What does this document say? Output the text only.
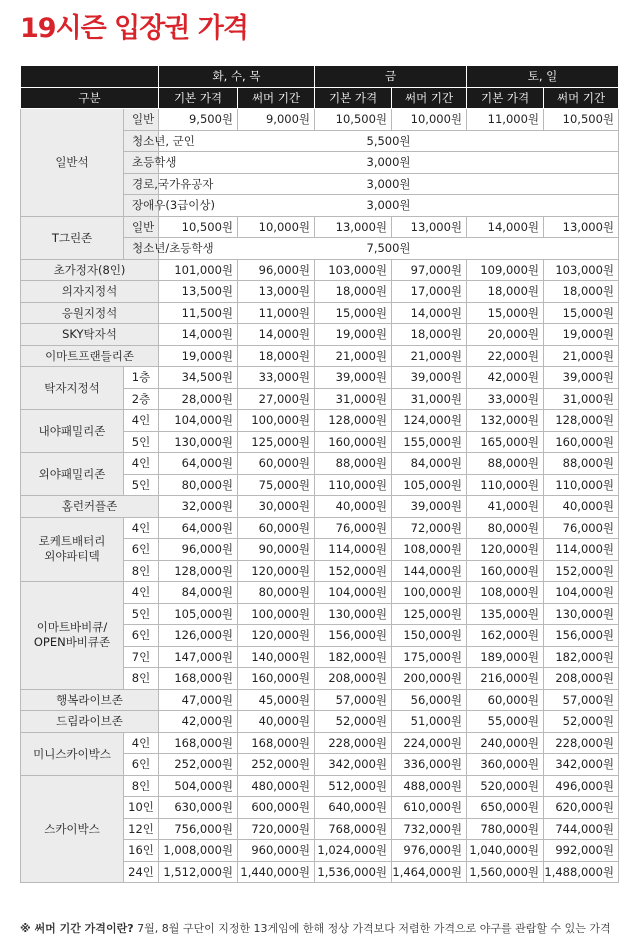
19시즌 입장권 가격
		화, 수, 목		금		토, 일	
구분		기본 가격	써머 기간	기본 가격	써머 기간	기본 가격	써머 기간
일반석	일반	9,500원	9,000원	10,500원	10,000원	11,000원	10,500원
	청소년, 군인	5,500원					
	초등학생	3,000원					
	경로,국가유공자	3,000원					
	장애우(3급이상)	3,000원					
T그린존	일반	10,500원	10,000원	13,000원	13,000원	14,000원	13,000원
	청소년/초등학생	7,500원					
초가정자(8인)		101,000원	96,000원	103,000원	97,000원	109,000원	103,000원
의자지정석		13,500원	13,000원	18,000원	17,000원	18,000원	18,000원
응원지정석		11,500원	11,000원	15,000원	14,000원	15,000원	15,000원
SKY탁자석		14,000원	14,000원	19,000원	18,000원	20,000원	19,000원
이마트프랜들리존		19,000원	18,000원	21,000원	21,000원	22,000원	21,000원
탁자지정석	1층	34,500원	33,000원	39,000원	39,000원	42,000원	39,000원
	2층	28,000원	27,000원	31,000원	31,000원	33,000원	31,000원
내야패밀리존	4인	104,000원	100,000원	128,000원	124,000원	132,000원	128,000원
	5인	130,000원	125,000원	160,000원	155,000원	165,000원	160,000원
외야패밀리존	4인	64,000원	60,000원	88,000원	84,000원	88,000원	88,000원
	5인	80,000원	75,000원	110,000원	105,000원	110,000원	110,000원
홈런커플존		32,000원	30,000원	40,000원	39,000원	41,000원	40,000원

로케트배터리
외야파티덱	4인	64,000원	60,000원	76,000원	72,000원	80,000원	76,000원
	6인	96,000원	90,000원	114,000원	108,000원	120,000원	114,000원
	8인	128,000원	120,000원	152,000원	144,000원	160,000원	152,000원

이마트바비큐/
OPEN바비큐존	4인	84,000원	80,000원	104,000원	100,000원	108,000원	104,000원
	5인	105,000원	100,000원	130,000원	125,000원	135,000원	130,000원
	6인	126,000원	120,000원	156,000원	150,000원	162,000원	156,000원
	7인	147,000원	140,000원	182,000원	175,000원	189,000원	182,000원
	8인	168,000원	160,000원	208,000원	200,000원	216,000원	208,000원
행복라이브존		47,000원	45,000원	57,000원	56,000원	60,000원	57,000원
드림라이브존		42,000원	40,000원	52,000원	51,000원	55,000원	52,000원
미니스카이박스	4인	168,000원	168,000원	228,000원	224,000원	240,000원	228,000원
	6인	252,000원	252,000원	342,000원	336,000원	360,000원	342,000원
스카이박스	8인	504,000원	480,000원	512,000원	488,000원	520,000원	496,000원
	10인	630,000원	600,000원	640,000원	610,000원	650,000원	620,000원
	12인	756,000원	720,000원	768,000원	732,000원	780,000원	744,000원
	16인	1,008,000원	960,000원	1,024,000원	976,000원	1,040,000원	992,000원
	24인	1,512,000원	1,440,000원	1,536,000원	1,464,000원	1,560,000원	1,488,000원
※ 써머 기간 가격이란? 7월, 8월 구단이 지정한 13게임에 한해 정상 가격보다 저렴한 가격으로 야구를 관람할 수 있는 가격
